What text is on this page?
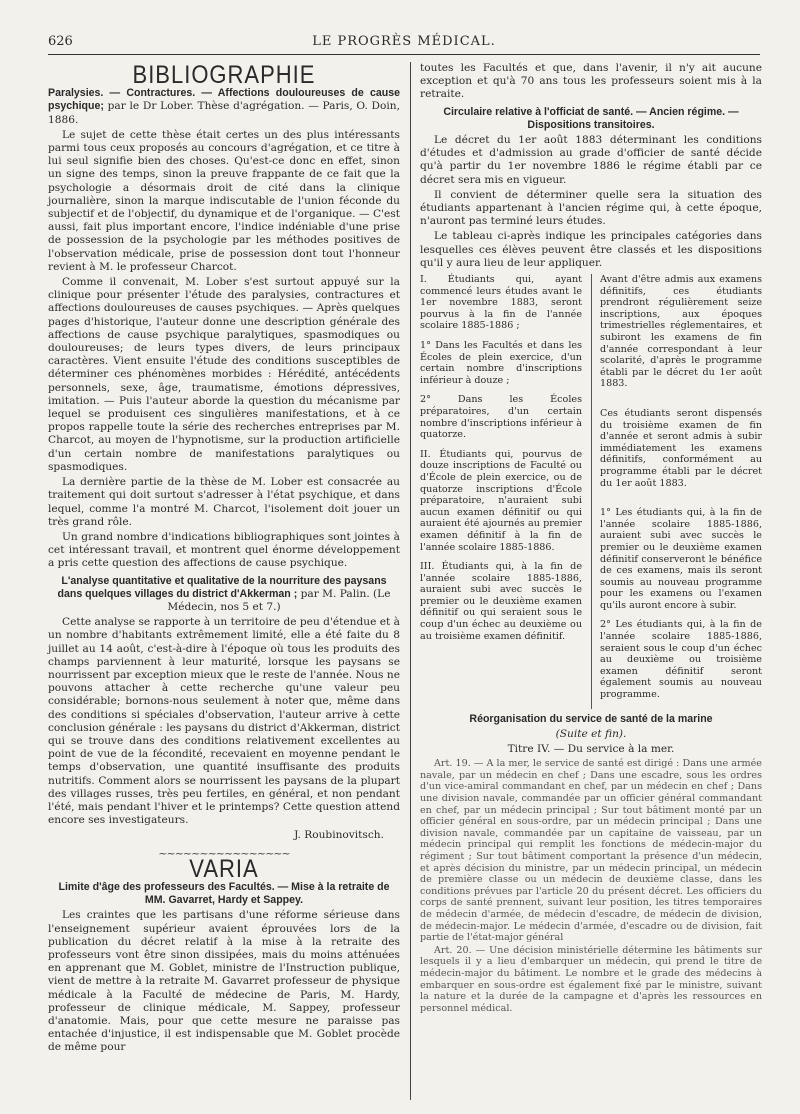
626	LE PROGRÈS MÉDICAL.
BIBLIOGRAPHIE

Paralysies. — Contractures. — Affections douloureuses de cause psychique; par le Dr Lober. Thèse d'agrégation. — Paris, O. Doin, 1886.

Le sujet de cette thèse était certes un des plus intéressants parmi tous ceux proposés au concours d'agrégation, et ce titre à lui seul signifie bien des choses. Qu'est-ce donc en effet, sinon un signe des temps, sinon la preuve frappante de ce fait que la psychologie a désormais droit de cité dans la clinique journalière, sinon la marque indiscutable de l'union féconde du subjectif et de l'objectif, du dynamique et de l'organique. — C'est aussi, fait plus important encore, l'indice indéniable d'une prise de possession de la psychologie par les méthodes positives de l'observation médicale, prise de possession dont tout l'honneur revient à M. le professeur Charcot.

Comme il convenait, M. Lober s'est surtout appuyé sur la clinique pour présenter l'étude des paralysies, contractures et affections douloureuses de causes psychiques. — Après quelques pages d'historique, l'auteur donne une description générale des affections de cause psychique paralytiques, spasmodiques ou douloureuses; de leurs types divers, de leurs principaux caractères. Vient ensuite l'étude des conditions susceptibles de déterminer ces phénomènes morbides : Hérédité, antécédents personnels, sexe, âge, traumatisme, émotions dépressives, imitation. — Puis l'auteur aborde la question du mécanisme par lequel se produisent ces singulières manifestations, et à ce propos rappelle toute la série des recherches entreprises par M. Charcot, au moyen de l'hypnotisme, sur la production artificielle d'un certain nombre de manifestations paralytiques ou spasmodiques.

La dernière partie de la thèse de M. Lober est consacrée au traitement qui doit surtout s'adresser à l'état psychique, et dans lequel, comme l'a montré M. Charcot, l'isolement doit jouer un très grand rôle.

Un grand nombre d'indications bibliographiques sont jointes à cet intéressant travail, et montrent quel énorme développement a pris cette question des affections de cause psychique.

L'analyse quantitative et qualitative de la nourriture des paysans dans quelques villages du district d'Akkerman ; par M. Palin. (Le Médecin, nos 5 et 7.)

Cette analyse se rapporte à un territoire de peu d'étendue et à un nombre d'habitants extrêmement limité, elle a été faite du 8 juillet au 14 août, c'est-à-dire à l'époque où tous les produits des champs parviennent à leur maturité, lorsque les paysans se nourrissent par exception mieux que le reste de l'année. Nous ne pouvons attacher à cette recherche qu'une valeur peu considérable; bornons-nous seulement à noter que, même dans des conditions si spéciales d'observation, l'auteur arrive à cette conclusion générale : les paysans du district d'Akkerman, district qui se trouve dans des conditions relativement excellentes au point de vue de la fécondité, recevaient en moyenne pendant le temps d'observation, une quantité insuffisante des produits nutritifs. Comment alors se nourrissent les paysans de la plupart des villages russes, très peu fertiles, en général, et non pendant l'été, mais pendant l'hiver et le printemps? Cette question attend encore ses investigateurs.

J. Roubinovitsch.
~~~~~~~~~~~~~~~~
VARIA

Limite d'âge des professeurs des Facultés. — Mise à la retraite de MM. Gavarret, Hardy et Sappey.

Les craintes que les partisans d'une réforme sérieuse dans l'enseignement supérieur avaient éprouvées lors de la publication du décret relatif à la mise à la retraite des professeurs vont être sinon dissipées, mais du moins atténuées en apprenant que M. Goblet, ministre de l'Instruction publique, vient de mettre à la retraite M. Gavarret professeur de physique médicale à la Faculté de médecine de Paris, M. Hardy, professeur de clinique médicale, M. Sappey, professeur d'anatomie. Mais, pour que cette mesure ne paraisse pas entachée d'injustice, il est indispensable que M. Goblet procède de même pour

toutes les Facultés et que, dans l'avenir, il n'y ait aucune exception et qu'à 70 ans tous les professeurs soient mis à la retraite.

Circulaire relative à l'officiat de santé. — Ancien régime. — Dispositions transitoires.

Le décret du 1er août 1883 déterminant les conditions d'études et d'admission au grade d'officier de santé décide qu'à partir du 1er novembre 1886 le régime établi par ce décret sera mis en vigueur.

Il convient de déterminer quelle sera la situation des étudiants appartenant à l'ancien régime qui, à cette époque, n'auront pas terminé leurs études.

Le tableau ci-après indique les principales catégories dans lesquelles ces élèves peuvent être classés et les dispositions qu'il y aura lieu de leur appliquer.

I. Étudiants qui, ayant commencé leurs études avant le 1er novembre 1883, seront pourvus à la fin de l'année scolaire 1885-1886 ;

1° Dans les Facultés et dans les Écoles de plein exercice, d'un certain nombre d'inscriptions inférieur à douze ;

2° Dans les Écoles préparatoires, d'un certain nombre d'inscriptions inférieur à quatorze.

II. Étudiants qui, pourvus de douze inscriptions de Faculté ou d'École de plein exercice, ou de quatorze inscriptions d'École préparatoire, n'auraient subi aucun examen définitif ou qui auraient été ajournés au premier examen définitif à la fin de l'année scolaire 1885-1886.

III. Étudiants qui, à la fin de l'année scolaire 1885-1886, auraient subi avec succès le premier ou le deuxième examen définitif ou qui seraient sous le coup d'un échec au deuxième ou au troisième examen définitif.

Avant d'être admis aux examens définitifs, ces étudiants prendront régulièrement seize inscriptions, aux époques trimestrielles réglementaires, et subiront les examens de fin d'année correspondant à leur scolarité, d'après le programme établi par le décret du 1er août 1883.

Ces étudiants seront dispensés du troisième examen de fin d'année et seront admis à subir immédiatement les examens définitifs, conformément au programme établi par le décret du 1er août 1883.

1° Les étudiants qui, à la fin de l'année scolaire 1885-1886, auraient subi avec succès le premier ou le deuxième examen définitif conserveront le bénéfice de ces examens, mais ils seront soumis au nouveau programme pour les examens ou l'examen qu'ils auront encore à subir.

2° Les étudiants qui, à la fin de l'année scolaire 1885-1886, seraient sous le coup d'un échec au deuxième ou troisième examen définitif seront également soumis au nouveau programme.

Réorganisation du service de santé de la marine

(Suite et fin).

Titre IV. — Du service à la mer.

Art. 19. — A la mer, le service de santé est dirigé : Dans une armée navale, par un médecin en chef ; Dans une escadre, sous les ordres d'un vice-amiral commandant en chef, par un médecin en chef ; Dans une division navale, commandée par un officier général commandant en chef, par un médecin principal ; Sur tout bâtiment monté par un officier général en sous-ordre, par un médecin principal ; Dans une division navale, commandée par un capitaine de vaisseau, par un médecin principal qui remplit les fonctions de médecin-major du régiment ; Sur tout bâtiment comportant la présence d'un médecin, et après décision du ministre, par un médecin principal, un médecin de première classe ou un médecin de deuxième classe, dans les conditions prévues par l'article 20 du présent décret. Les officiers du corps de santé prennent, suivant leur position, les titres temporaires de médecin d'armée, de médecin d'escadre, de médecin de division, de médecin-major. Le médecin d'armée, d'escadre ou de division, fait partie de l'état-major général

Art. 20. — Une décision ministérielle détermine les bâtiments sur lesquels il y a lieu d'embarquer un médecin, qui prend le titre de médecin-major du bâtiment. Le nombre et le grade des médecins à embarquer en sous-ordre est également fixé par le ministre, suivant la nature et la durée de la campagne et d'après les ressources en personnel médical.
